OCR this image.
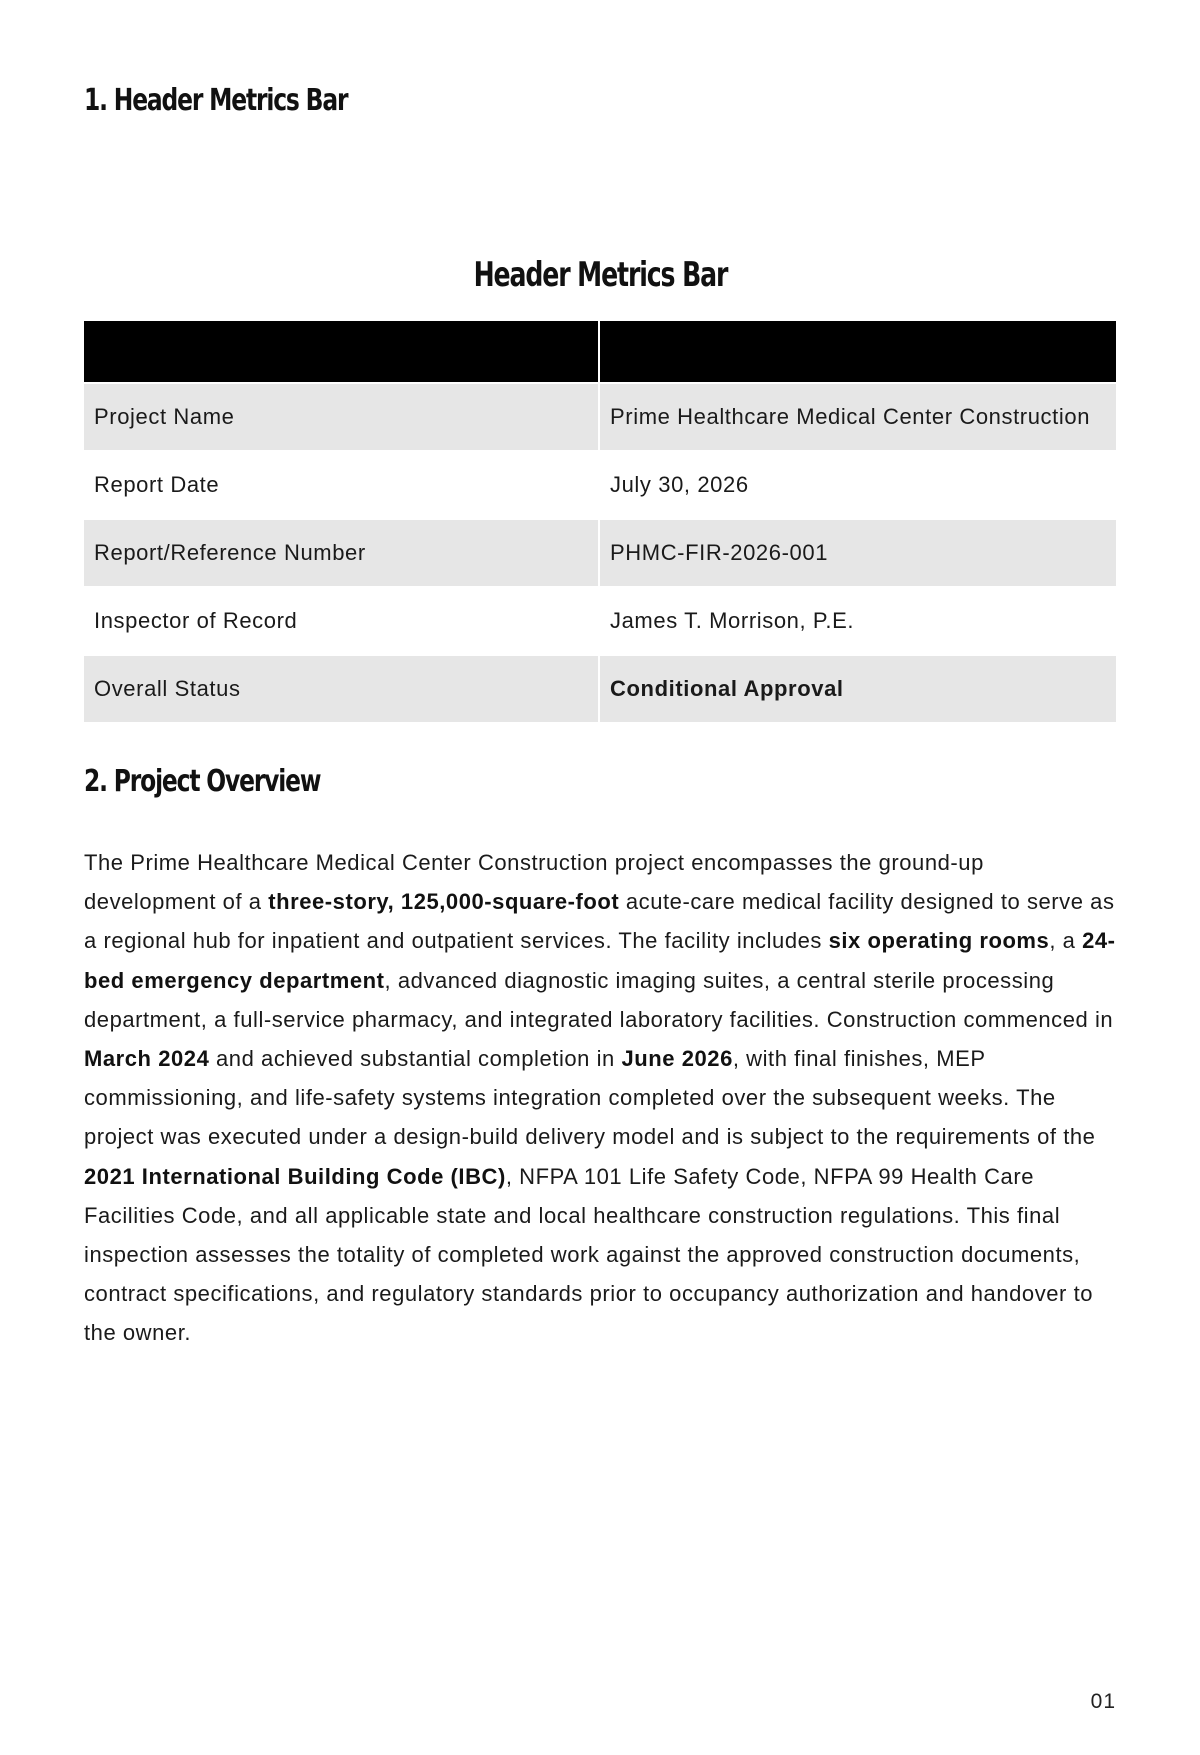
1. Header Metrics Bar
Header Metrics Bar

Project Name	Prime Healthcare Medical Center Construction
Report Date	July 30, 2026
Report/Reference Number	PHMC-FIR-2026-001
Inspector of Record	James T. Morrison, P.E.
Overall Status	Conditional Approval
2. Project Overview

The Prime Healthcare Medical Center Construction project encompasses the ground-up development of a three-story, 125,000-square-foot acute-care medical facility designed to serve as a regional hub for inpatient and outpatient services. The facility includes six operating rooms, a 24-bed emergency department, advanced diagnostic imaging suites, a central sterile processing department, a full-service pharmacy, and integrated laboratory facilities. Construction commenced in March 2024 and achieved substantial completion in June 2026, with final finishes, MEP commissioning, and life-safety systems integration completed over the subsequent weeks. The project was executed under a design-build delivery model and is subject to the requirements of the 2021 International Building Code (IBC), NFPA 101 Life Safety Code, NFPA 99 Health Care Facilities Code, and all applicable state and local healthcare construction regulations. This final inspection assesses the totality of completed work against the approved construction documents, contract specifications, and regulatory standards prior to occupancy authorization and handover to the owner.

01
